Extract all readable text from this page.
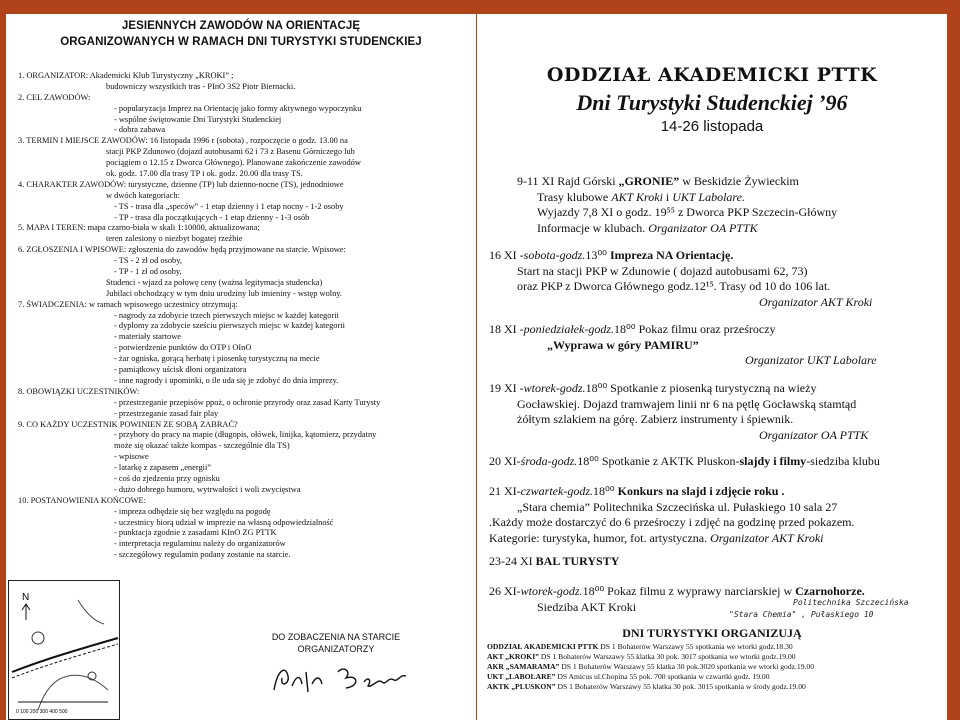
JESIENNYCH ZAWODÓW NA ORIENTACJĘ
ORGANIZOWANYCH W RAMACH DNI TURYSTYKI STUDENCKIEJ
1. ORGANIZATOR: Akademicki Klub Turystyczny „KROKI” ;
budowniczy wszystkich tras - PInO 3S2 Piotr Biernacki.
2. CEL ZAWODÓW:
- popularyzacja Imprez na Orientację jako formy aktywnego wypoczynku
- wspólne świętowanie Dni Turystyki Studenckiej
- dobra zabawa
3. TERMIN I MIEJSCE ZAWODÓW: 16 listopada 1996 r (sobota) , rozpoczęcie o godz. 13.00 na
stacji PKP Zdunowo (dojazd autobusami 62 i 73 z Basenu Górniczego lub
pociągiem o 12.15 z Dworca Głównego). Planowane zakończenie zawodów
ok. godz. 17.00 dla trasy TP i ok. godz. 20.00 dla trasy TS.
4. CHARAKTER ZAWODÓW: turystyczne, dzienne (TP) lub dzienno-nocne (TS), jednodniowe
w dwóch kategoriach:
- TS - trasa dla „speców” - 1 etap dzienny i 1 etap nocny - 1-2 osoby
- TP - trasa dla początkujących - 1 etap dzienny - 1-3 osób
5. MAPA I TEREN: mapa czarno-biała w skali 1:10000, aktualizowana;
teren zalesiony o niezbyt bogatej rzeźbie
6. ZGŁOSZENIA I WPISOWE: zgłoszenia do zawodów będą przyjmowane na starcie. Wpisowe:
- TS - 2 zł od osoby,
- TP - 1 zł od osoby,
Studenci - wjazd za połowę ceny (ważna legitymacja studencka)
Jubilaci obchodzący w tym dniu urodziny lub imieniny - wstęp wolny.
7. ŚWIADCZENIA: w ramach wpisowego uczestnicy otrzymują:
- nagrody za zdobycie trzech pierwszych miejsc w każdej kategorii
- dyplomy za zdobycie sześciu pierwszych miejsc w każdej kategorii
- materiały startowe
- potwierdzenie punktów do OTP i OInO
- żar ogniska, gorącą herbatę i piosenkę turystyczną na mecie
- pamiątkowy uścisk dłoni organizatora
- inne nagrody i upominki, o ile uda się je zdobyć do dnia imprezy.
8. OBOWIĄZKI UCZESTNIKÓW:
- przestrzeganie przepisów ppoż, o ochronie przyrody oraz zasad Karty Turysty
- przestrzeganie zasad fair play
9. CO KAŻDY UCZESTNIK POWINIEN ZE SOBĄ ZABRAĆ?
- przybory do pracy na mapie (długopis, ołówek, linijka, kątomierz, przydatny
może się okazać także kompas - szczególnie dla TS)
- wpisowe
- latarkę z zapasem „energii”
- coś do zjedzenia przy ognisku
- dużo dobrego humoru, wytrwałości i woli zwycięstwa
10. POSTANOWIENIA KOŃCOWE:
- impreza odbędzie się bez względu na pogodę
- uczestnicy biorą udział w imprezie na własną odpowiedzialność
- punktacja zgodnie z zasadami KInO ZG PTTK
- interpretacja regulaminu należy do organizatorów
- szczegółowy regulamin podany zostanie na starcie.
N
0 100 200 300 400 500
DO ZOBACZENIA NA STARCIE
ORGANIZATORZY
ODDZIAŁ AKADEMICKI PTTK
Dni Turystyki Studenckiej ’96
14-26 listopada
9-11 XI Rajd Górski „GRONIE” w Beskidzie Żywieckim
Trasy klubowe AKT Kroki i UKT Labolare.
Wyjazdy 7,8 XI o godz. 19⁵⁵ z Dworca PKP Szczecin-Główny
Informacje w klubach. Organizator OA PTTK
16 XI -sobota-godz.13⁰⁰ Impreza NA Orientację.
Start na stacji PKP w Zdunowie ( dojazd autobusami 62, 73)
oraz PKP z Dworca Głównego godz.12¹⁵. Trasy od 10 do 106 lat.
Organizator AKT Kroki
18 XI -poniedziałek-godz.18⁰⁰ Pokaz filmu oraz prześroczy
„Wyprawa w góry PAMIRU”
Organizator UKT Labolare
19 XI -wtorek-godz.18⁰⁰ Spotkanie z piosenką turystyczną na wieży
Gocławskiej. Dojazd tramwajem linii nr 6 na pętlę Gocławską stamtąd
żółtym szlakiem na górę. Zabierz instrumenty i śpiewnik.
Organizator OA PTTK
20 XI-środa-godz.18⁰⁰ Spotkanie z AKTK Pluskon-slajdy i filmy-siedziba klubu
21 XI-czwartek-godz.18⁰⁰ Konkurs na slajd i zdjęcie roku .
„Stara chemia” Politechnika Szczecińska ul. Pułaskiego 10 sala 27
.Każdy może dostarczyć do 6 prześroczy i zdjęć na godzinę przed pokazem.
Kategorie: turystyka, humor, fot. artystyczna. Organizator AKT Kroki
23-24 XI BAL TURYSTY
26 XI-wtorek-godz.18⁰⁰ Pokaz filmu z wyprawy narciarskiej w Czarnohorze.
Siedziba AKT Kroki	Politechnika Szczecińska
"Stara Chemia" , Pułaskiego 10
DNI TURYSTYKI ORGANIZUJĄ
ODDZIAŁ AKADEMICKI PTTK DS 1 Bohaterów Warszawy 55 spotkania we wtorki godz.18.30
AKT „KROKI” DS 1 Bohaterów Warszawy 55 klatka 30 pok. 3017 spotkania we wtorki godz.19.00
AKR „SAMARAMA” DS 1 Bohaterów Warszawy 55 klatka 30 pok.3020 spotkania we wtorki godz.19.00
UKT „LABOLARE” DS Amicus ul.Chopina 55 pok. 700 spotkania w czwartki godz. 19.00
AKTK „PLUSKON” DS 1 Bohaterów Warszawy 55 klatka 30 pok. 3015 spotkania w środy godz.19.00
